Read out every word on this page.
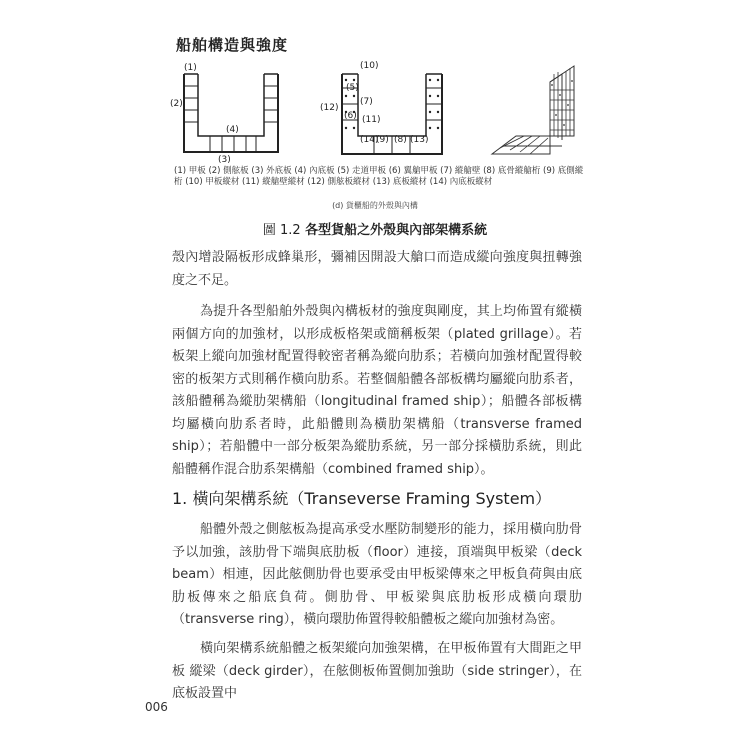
船舶構造與強度
(1)
(2)
(3)
(4)
(10)
(5)
(7)
(12)
(6) (11)
(14)
(9) (8) (13)
(1) 甲板 (2) 側舷板 (3) 外底板 (4) 內底板 (5) 走道甲板 (6) 翼艙甲板 (7) 縱艙壁 (8) 底骨縱艙桁 (9) 底側縱桁 (10) 甲板縱材 (11) 縱艙壁縱材 (12) 側舷板縱材 (13) 底板縱材 (14) 內底板縱材
(d) 貨櫃船的外殼與內構
圖 1.2 各型貨船之外殼與內部架構系統
殼內增設隔板形成蜂巢形，彌補因開設大艙口而造成縱向強度與扭轉強度之不足。
為提升各型船舶外殼與內構板材的強度與剛度，其上均佈置有縱橫兩個方向的加強材，以形成板格架或簡稱板架（plated grillage）。若板架上縱向加強材配置得較密者稱為縱向肋系；若橫向加強材配置得較密的板架方式則稱作橫向肋系。若整個船體各部板構均屬縱向肋系者，該船體稱為縱肋架構船（longitudinal framed ship）；船體各部板構均屬橫向肋系者時，此船體則為橫肋架構船（transverse framed ship）；若船體中一部分板架為縱肋系統，另一部分採橫肋系統，則此船體稱作混合肋系架構船（combined framed ship）。
1. 橫向架構系統（Transeverse Framing System）
船體外殼之側舷板為提高承受水壓防制變形的能力，採用橫向肋骨予以加強，該肋骨下端與底肋板（floor）連接，頂端與甲板梁（deck beam）相連，因此舷側肋骨也要承受由甲板梁傳來之甲板負荷與由底肋板傳來之船底負荷。側肋骨、甲板梁與底肋板形成橫向環肋（transverse ring），橫向環肋佈置得較船體板之縱向加強材為密。
橫向架構系統船體之板架縱向加強架構，在甲板佈置有大間距之甲板 縱梁（deck girder），在舷側板佈置側加強助（side stringer），在底板設置中
006
